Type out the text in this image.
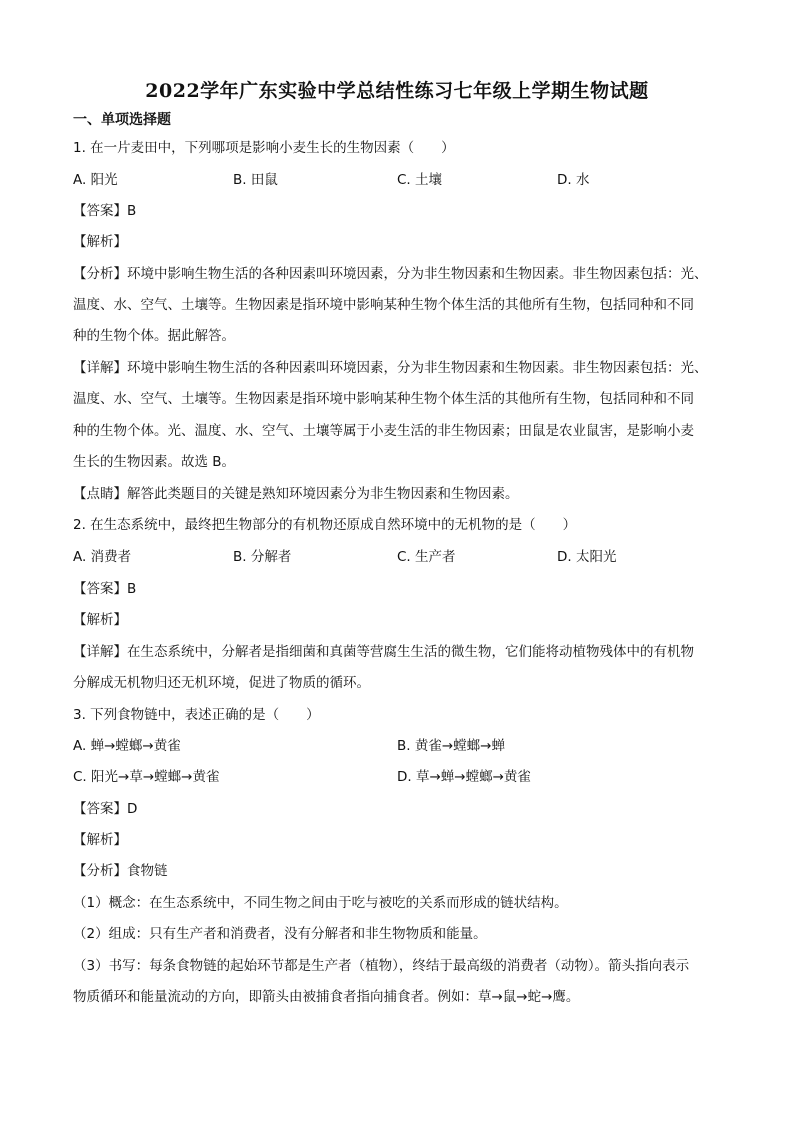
2022学年广东实验中学总结性练习七年级上学期生物试题
一、单项选择题
1. 在一片麦田中，下列哪项是影响小麦生长的生物因素（　　）
A. 阳光	B. 田鼠	C. 土壤	D. 水
【 答案 】 B
【 解析 】
【 分析 】 环境中影响生物生活的各种因素叫环境因素，分为非生物因素和生物因素。非生物因素包括：光、
温度、水、空气、土壤等。生物因素是指环境中影响某种生物个体生活的其他所有生物，包括同种和不同
种的生物个体。据此解答。
【 详解 】 环境中影响生物生活的各种因素叫环境因素，分为非生物因素和生物因素。非生物因素包括：光、
温度、水、空气、土壤等。生物因素是指环境中影响某种生物个体生活的其他所有生物，包括同种和不同
种的生物个体。光、温度、水、空气、土壤等属于小麦生活的非生物因素；田鼠是农业鼠害，是影响小麦
生长的生物因素。故选 B。
【 点睛 】 解答此类题目的关键是熟知环境因素分为非生物因素和生物因素。
2. 在生态系统中，最终把生物部分的有机物还原成自然环境中的无机物的是（　　）
A. 消费者	B. 分解者	C. 生产者	D. 太阳光
【 答案 】 B
【 解析 】
【 详解 】 在生态系统中，分解者是指细菌和真菌等营腐生生活的微生物，它们能将动植物残体中的有机物
分解成无机物归还无机环境，促进了物质的循环。
3. 下列食物链中，表述正确的是（　　）
A. 蝉→螳螂→黄雀	B. 黄雀→螳螂→蝉
C. 阳光→草→螳螂→黄雀	D. 草→蝉→螳螂→黄雀
【 答案 】 D
【 解析 】
【 分析 】 食物链
（1）概念：在生态系统中，不同生物之间由于吃与被吃的关系而形成的链状结构。
（2）组成：只有生产者和消费者，没有分解者和非生物物质和能量。
（3）书写：每条食物链的起始环节都是生产者（植物），终结于最高级的消费者（动物）。箭头指向表示
物质循环和能量流动的方向，即箭头由被捕食者指向捕食者。例如：草→鼠→蛇→鹰。
